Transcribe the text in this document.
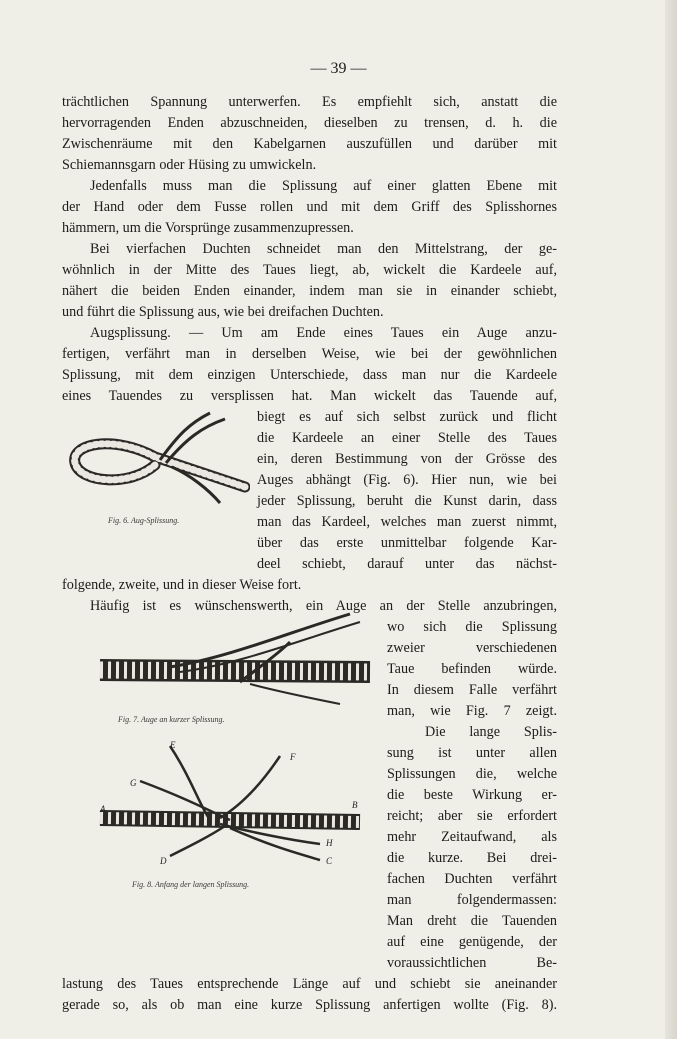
— 39 —
trächtlichen Spannung unterwerfen. Es empfiehlt sich, anstatt die
hervorragenden Enden abzuschneiden, dieselben zu trensen, d. h. die
Zwischenräume mit den Kabelgarnen auszufüllen und darüber mit
Schiemannsgarn oder Hüsing zu umwickeln.
Jedenfalls muss man die Splissung auf einer glatten Ebene mit
der Hand oder dem Fusse rollen und mit dem Griff des Splisshornes
hämmern, um die Vorsprünge zusammenzupressen.
Bei vierfachen Duchten schneidet man den Mittelstrang, der ge-
wöhnlich in der Mitte des Taues liegt, ab, wickelt die Kardeele auf,
nähert die beiden Enden einander, indem man sie in einander schiebt,
und führt die Splissung aus, wie bei dreifachen Duchten.
Augsplissung. — Um am Ende eines Taues ein Auge anzu-
fertigen, verfährt man in derselben Weise, wie bei der gewöhnlichen
Splissung, mit dem einzigen Unterschiede, dass man nur die Kardeele
eines Tauendes zu versplissen hat. Man wickelt das Tauende auf,
Fig. 6. Aug-Splissung.
biegt es auf sich selbst zurück und flicht
die Kardeele an einer Stelle des Taues
ein, deren Bestimmung von der Grösse des
Auges abhängt (Fig. 6). Hier nun, wie bei
jeder Splissung, beruht die Kunst darin, dass
man das Kardeel, welches man zuerst nimmt,
über das erste unmittelbar folgende Kar-
deel schiebt, darauf unter das nächst-
folgende, zweite, und in dieser Weise fort.
Häufig ist es wünschenswerth, ein Auge an der Stelle anzubringen,
Fig. 7. Auge an kurzer Splissung.
E
F
G
A	B
H
D	C
Fig. 8. Anfang der langen Splissung.
wo sich die Splissung
zweier verschiedenen
Taue befinden würde.
In diesem Falle verfährt
man, wie Fig. 7 zeigt.
Die lange Splis-
sung ist unter allen
Splissungen die, welche
die beste Wirkung er-
reicht; aber sie erfordert
mehr Zeitaufwand, als
die kurze. Bei drei-
fachen Duchten verfährt
man folgendermassen:
Man dreht die Tauenden
auf eine genügende, der
voraussichtlichen Be-
lastung des Taues entsprechende Länge auf und schiebt sie aneinander
gerade so, als ob man eine kurze Splissung anfertigen wollte (Fig. 8).
